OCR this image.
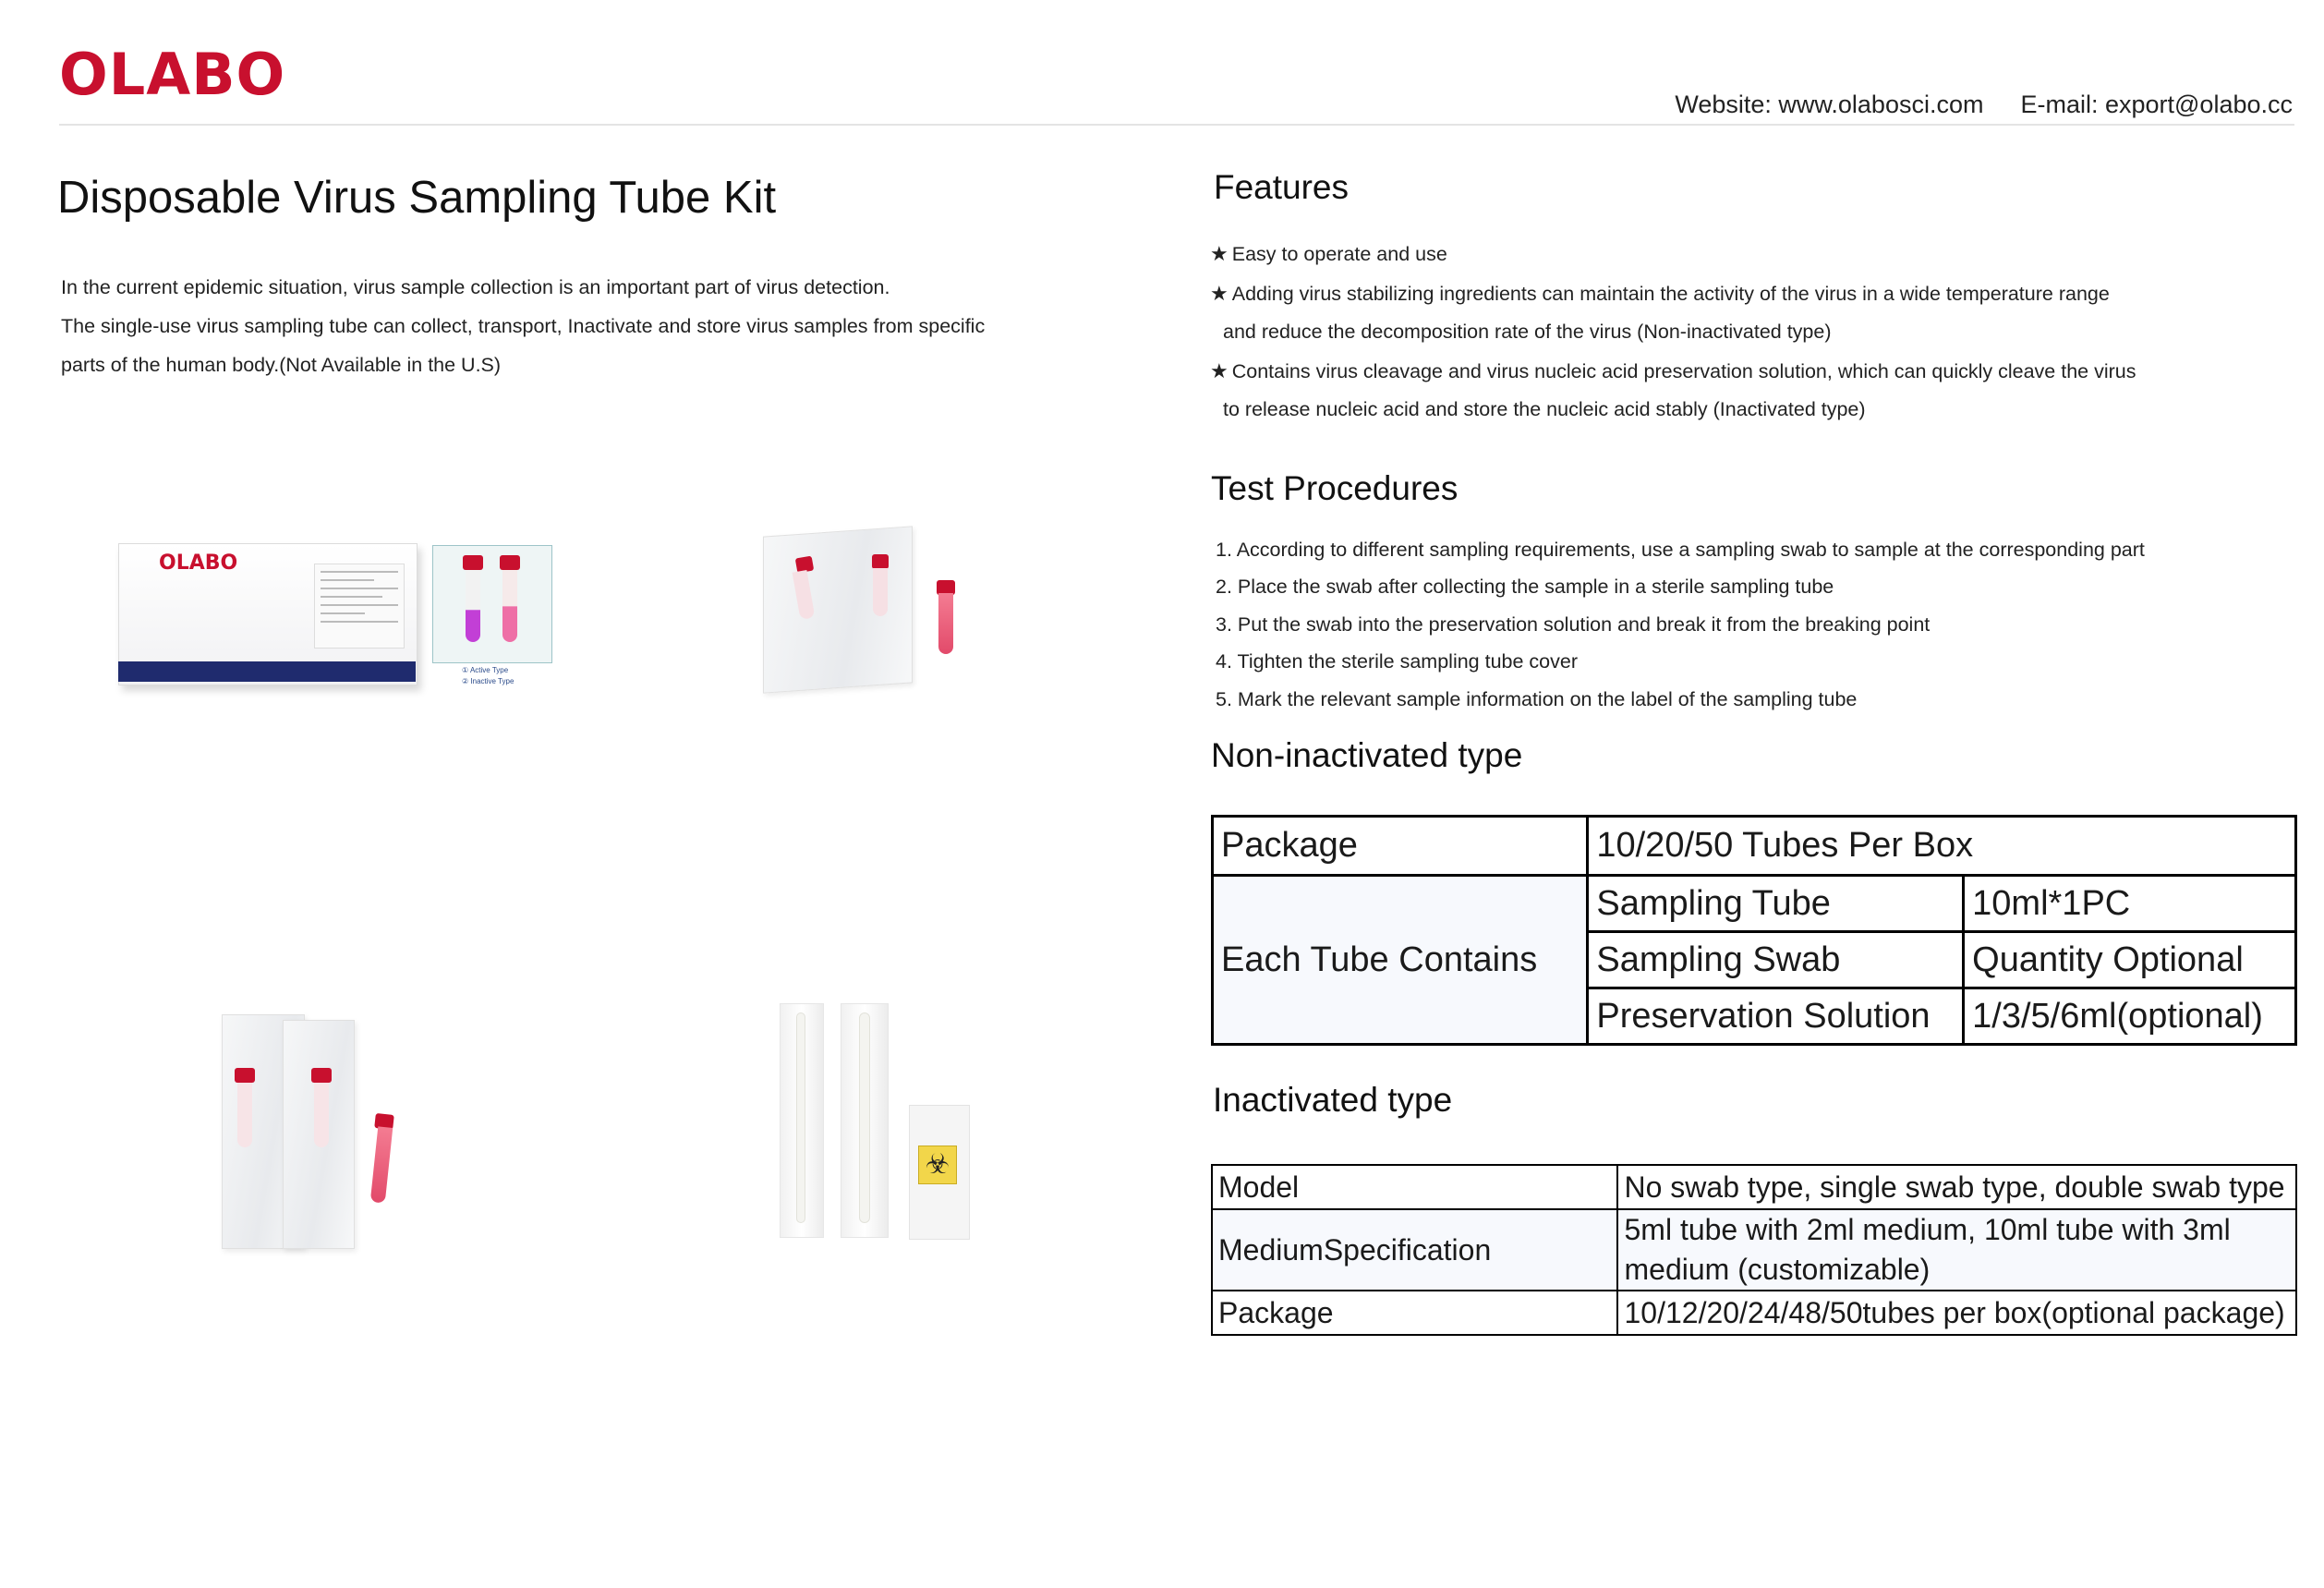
OLABO	Website: www.olabosci.com E-mail: export@olabo.cc
Disposable Virus Sampling Tube Kit

In the current epidemic situation, virus sample collection is an important part of virus detection.

The single-use virus sampling tube can collect, transport, Inactivate and store virus samples from specific

parts of the human body.(Not Available in the U.S)

OLABO
① Active Type
② Inactive Type
☣
Features
★ Easy to operate and use
★ Adding virus stabilizing ingredients can maintain the activity of the virus in a wide temperature range
and reduce the decomposition rate of the virus (Non-inactivated type)
★ Contains virus cleavage and virus nucleic acid preservation solution, which can quickly cleave the virus
to release nucleic acid and store the nucleic acid stably (Inactivated type)
Test Procedures
1. According to different sampling requirements, use a sampling swab to sample at the corresponding part
2. Place the swab after collecting the sample in a sterile sampling tube
3. Put the swab into the preservation solution and break it from the breaking point
4. Tighten the sterile sampling tube cover
5. Mark the relevant sample information on the label of the sampling tube
Non-inactivated type
Package	10/20/50 Tubes Per Box	
Each Tube Contains	Sampling Tube	10ml*1PC
	Sampling Swab	Quantity Optional
	Preservation Solution	1/3/5/6ml(optional)
Inactivated type
Model	No swab type, single swab type, double swab type
MediumSpecification	5ml tube with 2ml medium, 10ml tube with 3ml medium (customizable)
Package	10/12/20/24/48/50tubes per box(optional package)
